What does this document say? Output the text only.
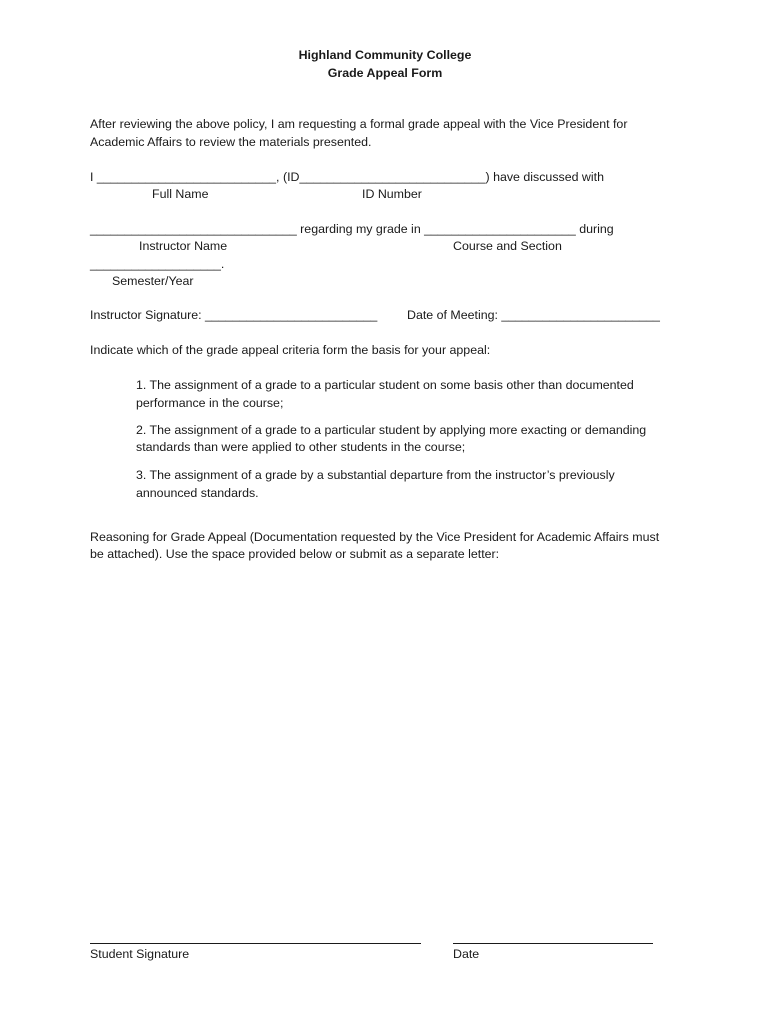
Highland Community College
Grade Appeal Form
After reviewing the above policy, I am requesting a formal grade appeal with the Vice President for
Academic Affairs to review the materials presented.
I __________________________, (ID___________________________) have discussed with
Full Name	ID Number
______________________________ regarding my grade in ______________________ during
Instructor Name	Course and Section
___________________.
Semester/Year
Instructor Signature: _________________________ Date of Meeting: _______________________
Indicate which of the grade appeal criteria form the basis for your appeal:
1. The assignment of a grade to a particular student on some basis other than documented
performance in the course;
2. The assignment of a grade to a particular student by applying more exacting or demanding
standards than were applied to other students in the course;
3. The assignment of a grade by a substantial departure from the instructor’s previously
announced standards.
Reasoning for Grade Appeal (Documentation requested by the Vice President for Academic Affairs must
be attached). Use the space provided below or submit as a separate letter:
Student Signature	Date
